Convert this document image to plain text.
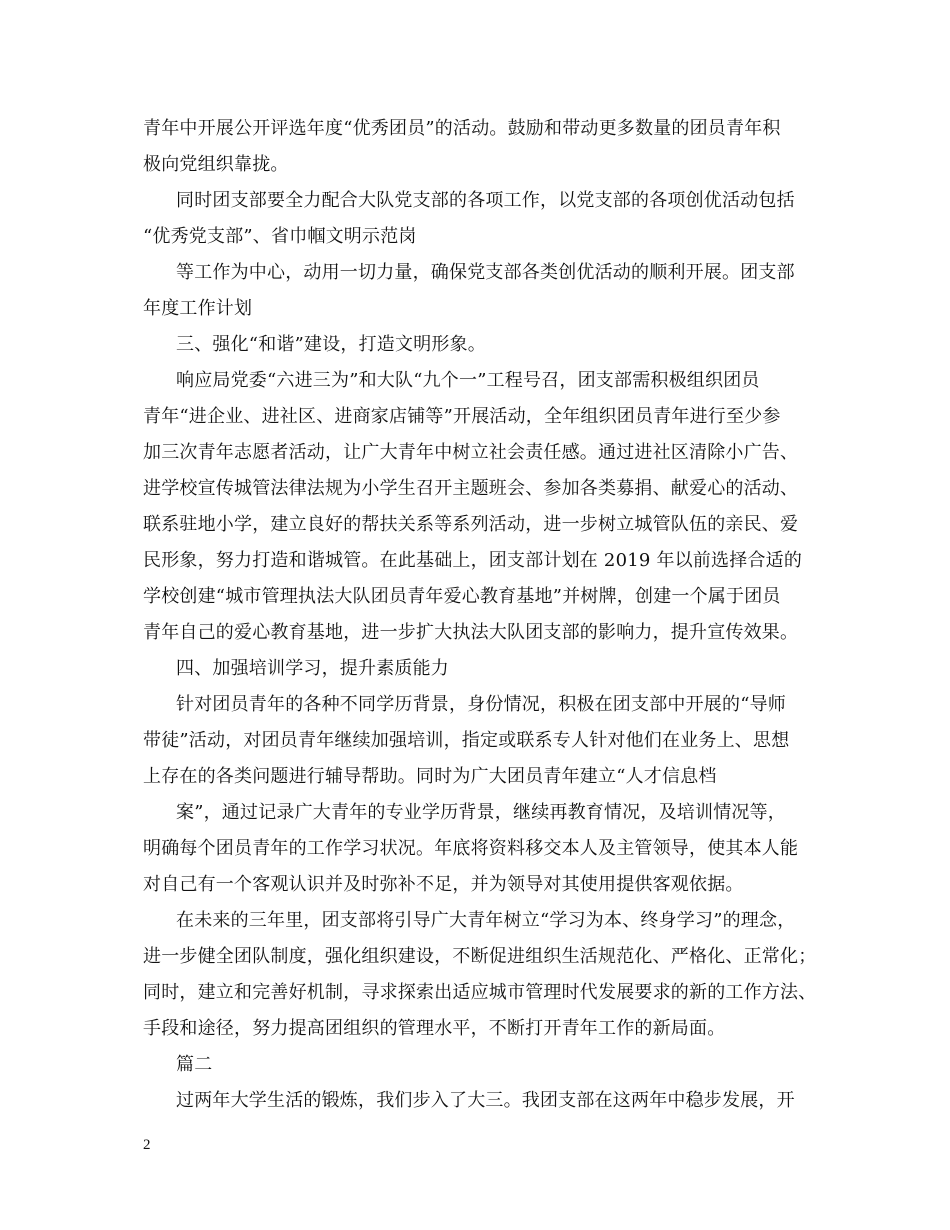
青年中开展公开评选年度“优秀团员”的活动。鼓励和带动更多数量的团员青年积
极向党组织靠拢。
同时团支部要全力配合大队党支部的各项工作，以党支部的各项创优活动包括
“优秀党支部”、省巾帼文明示范岗
等工作为中心，动用一切力量，确保党支部各类创优活动的顺利开展。团支部
年度工作计划
三、强化“和谐”建设，打造文明形象。
响应局党委“六进三为”和大队“九个一”工程号召，团支部需积极组织团员
青年“进企业、进社区、进商家店铺等”开展活动，全年组织团员青年进行至少参
加三次青年志愿者活动，让广大青年中树立社会责任感。通过进社区清除小广告、
进学校宣传城管法律法规为小学生召开主题班会、参加各类募捐、献爱心的活动、
联系驻地小学，建立良好的帮扶关系等系列活动，进一步树立城管队伍的亲民、爱
民形象，努力打造和谐城管。在此基础上，团支部计划在 2019 年以前选择合适的
学校创建“城市管理执法大队团员青年爱心教育基地”并树牌，创建一个属于团员
青年自己的爱心教育基地，进一步扩大执法大队团支部的影响力，提升宣传效果。
四、加强培训学习，提升素质能力
针对团员青年的各种不同学历背景，身份情况，积极在团支部中开展的“导师
带徒”活动，对团员青年继续加强培训，指定或联系专人针对他们在业务上、思想
上存在的各类问题进行辅导帮助。同时为广大团员青年建立“人才信息档
案”，通过记录广大青年的专业学历背景，继续再教育情况，及培训情况等，
明确每个团员青年的工作学习状况。年底将资料移交本人及主管领导，使其本人能
对自己有一个客观认识并及时弥补不足，并为领导对其使用提供客观依据。
在未来的三年里，团支部将引导广大青年树立“学习为本、终身学习”的理念，
进一步健全团队制度，强化组织建设，不断促进组织生活规范化、严格化、正常化；
同时，建立和完善好机制，寻求探索出适应城市管理时代发展要求的新的工作方法、
手段和途径，努力提高团组织的管理水平，不断打开青年工作的新局面。
篇二
过两年大学生活的锻炼，我们步入了大三。我团支部在这两年中稳步发展，开
2
